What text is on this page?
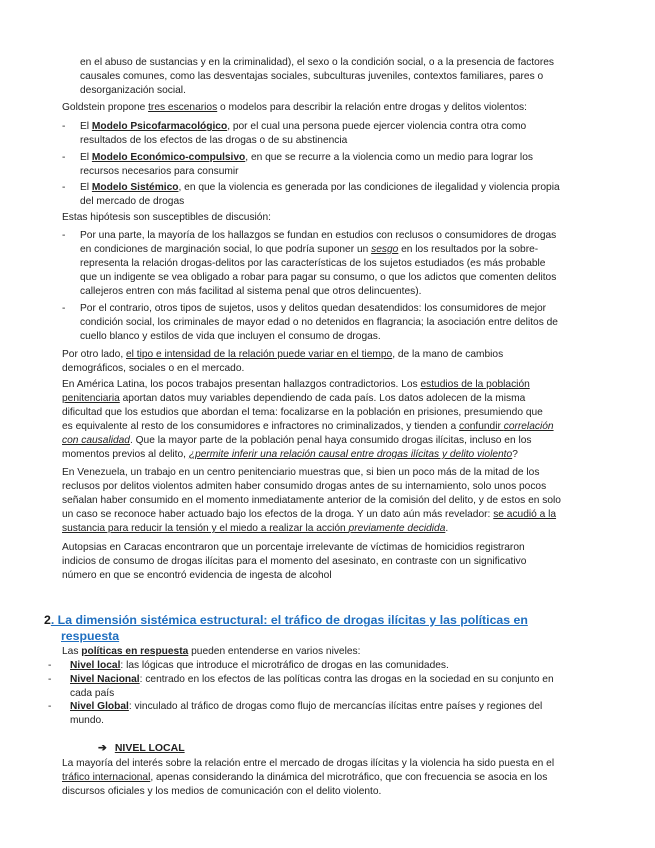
en el abuso de sustancias y en la criminalidad), el sexo o la condición social, o a la presencia de factores
causales comunes, como las desventajas sociales, subculturas juveniles, contextos familiares, pares o
desorganización social.

Goldstein propone tres escenarios o modelos para describir la relación entre drogas y delitos violentos:

- El Modelo Psicofarmacológico, por el cual una persona puede ejercer violencia contra otra como
resultados de los efectos de las drogas o de su abstinencia

- El Modelo Económico-compulsivo, en que se recurre a la violencia como un medio para lograr los
recursos necesarios para consumir

- El Modelo Sistémico, en que la violencia es generada por las condiciones de ilegalidad y violencia propia
del mercado de drogas

Estas hipótesis son susceptibles de discusión:

- Por una parte, la mayoría de los hallazgos se fundan en estudios con reclusos o consumidores de drogas
en condiciones de marginación social, lo que podría suponer un sesgo en los resultados por la sobre-
representa la relación drogas-delitos por las características de los sujetos estudiados (es más probable
que un indigente se vea obligado a robar para pagar su consumo, o que los adictos que comenten delitos
callejeros entren con más facilitad al sistema penal que otros delincuentes).

- Por el contrario, otros tipos de sujetos, usos y delitos quedan desatendidos: los consumidores de mejor
condición social, los criminales de mayor edad o no detenidos en flagrancia; la asociación entre delitos de
cuello blanco y estilos de vida que incluyen el consumo de drogas.

Por otro lado, el tipo e intensidad de la relación puede variar en el tiempo, de la mano de cambios
demográficos, sociales o en el mercado.

En América Latina, los pocos trabajos presentan hallazgos contradictorios. Los estudios de la población
penitenciaria aportan datos muy variables dependiendo de cada país. Los datos adolecen de la misma
dificultad que los estudios que abordan el tema: focalizarse en la población en prisiones, presumiendo que
es equivalente al resto de los consumidores e infractores no criminalizados, y tienden a confundir correlación
con causalidad. Que la mayor parte de la población penal haya consumido drogas ilícitas, incluso en los
momentos previos al delito, ¿permite inferir una relación causal entre drogas ilícitas y delito violento?

En Venezuela, un trabajo en un centro penitenciario muestras que, si bien un poco más de la mitad de los
reclusos por delitos violentos admiten haber consumido drogas antes de su internamiento, solo unos pocos
señalan haber consumido en el momento inmediatamente anterior de la comisión del delito, y de estos en solo
un caso se reconoce haber actuado bajo los efectos de la droga. Y un dato aún más revelador: se acudió a la
sustancia para reducir la tensión y el miedo a realizar la acción previamente decidida.

Autopsias en Caracas encontraron que un porcentaje irrelevante de víctimas de homicidios registraron
indicios de consumo de drogas ilícitas para el momento del asesinato, en contraste con un significativo
número en que se encontró evidencia de ingesta de alcohol

2. La dimensión sistémica estructural: el tráfico de drogas ilícitas y las políticas en
respuesta

Las políticas en respuesta pueden entenderse en varios niveles:

- Nivel local: las lógicas que introduce el microtráfico de drogas en las comunidades.

- Nivel Nacional: centrado en los efectos de las políticas contra las drogas en la sociedad en su conjunto en
cada país

- Nivel Global: vinculado al tráfico de drogas como flujo de mercancías ilícitas entre países y regiones del
mundo.

➔ NIVEL LOCAL

La mayoría del interés sobre la relación entre el mercado de drogas ilícitas y la violencia ha sido puesta en el
tráfico internacional, apenas considerando la dinámica del microtráfico, que con frecuencia se asocia en los
discursos oficiales y los medios de comunicación con el delito violento.
